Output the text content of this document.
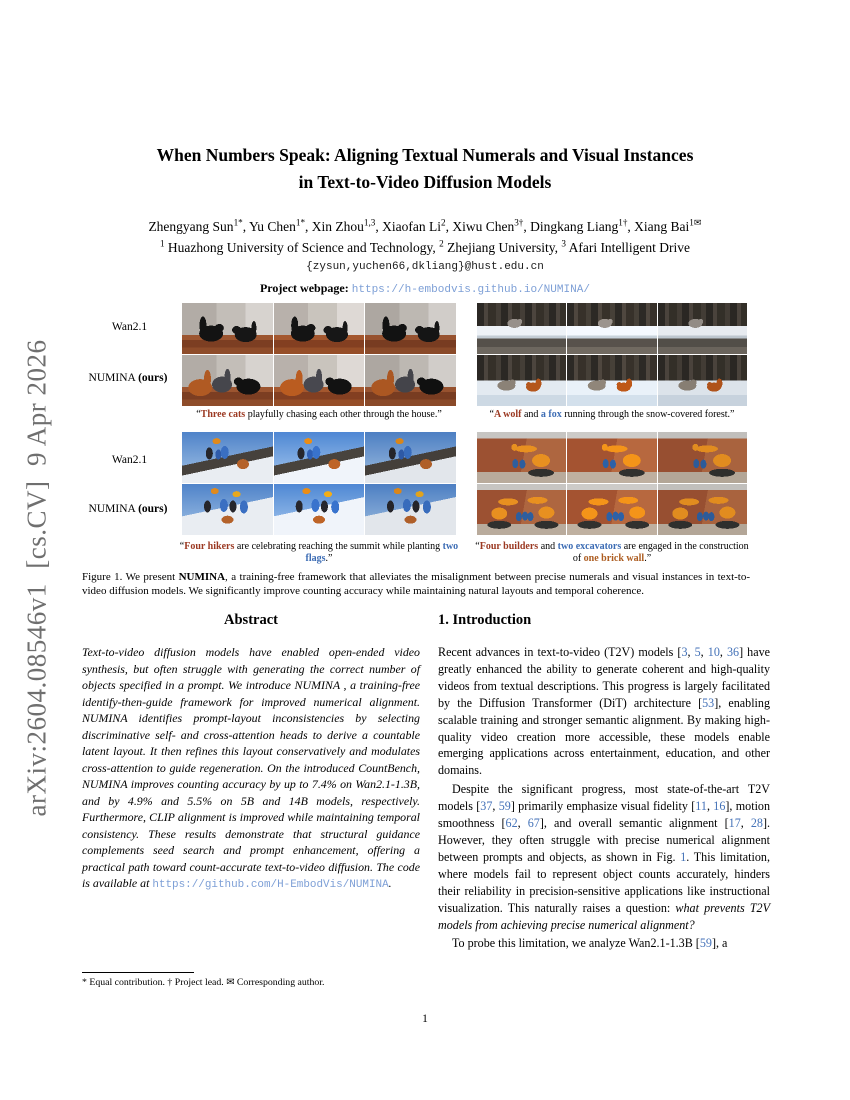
arXiv:2604.08546v1  [cs.CV]  9 Apr 2026
When Numbers Speak: Aligning Textual Numerals and Visual Instances
in Text-to-Video Diffusion Models
Zhengyang Sun$^{1*}$, Yu Chen$^{1*}$, Xin Zhou$^{1,3}$, Xiaofan Li$^2$, Xiwu Chen$^{3\dagger}$, Dingkang Liang$^{1\dagger}$, Xiang Bai$^{1✉}$
$^1$ Huazhong University of Science and Technology, $^2$ Zhejiang University, $^3$ Afari Intelligent Drive
{zysun,yuchen66,dkliang}@hust.edu.cn
Project webpage: https://h-embodvis.github.io/NUMINA/
Wan2.1
NUMINA (ours)
Wan2.1
NUMINA (ours)
“Three cats playfully chasing each other through the house.”	“A wolf and a fox running through the snow-covered forest.”
“Four hikers are celebrating reaching the summit while planting two flags.”
“Four builders and two excavators are engaged in the construction of one brick wall.”
Figure 1. We present NUMINA, a training-free framework that alleviates the misalignment between precise numerals and visual instances in text-to-video diffusion models. We significantly improve counting accuracy while maintaining natural layouts and temporal coherence.
Abstract

Text-to-video diffusion models have enabled open-ended video synthesis, but often struggle with generating the correct number of objects specified in a prompt. We introduce NUMINA , a training-free identify-then-guide framework for improved numerical alignment. NUMINA identifies prompt-layout inconsistencies by selecting discriminative self- and cross-attention heads to derive a countable latent layout. It then refines this layout conservatively and modulates cross-attention to guide regeneration. On the introduced CountBench, NUMINA improves counting accuracy by up to 7.4% on Wan2.1-1.3B, and by 4.9% and 5.5% on 5B and 14B models, respectively. Furthermore, CLIP alignment is improved while maintaining temporal consistency. These results demonstrate that structural guidance complements seed search and prompt enhancement, offering a practical path toward count-accurate text-to-video diffusion. The code is available at https://github.com/H-EmbodVis/NUMINA.

1. Introduction

Recent advances in text-to-video (T2V) models [3, 5, 10, 36] have greatly enhanced the ability to generate coherent and high-quality videos from textual descriptions. This progress is largely facilitated by the Diffusion Transformer (DiT) architecture [53], enabling scalable training and stronger semantic alignment. By making high-quality video creation more accessible, these models enable emerging applications across entertainment, education, and other domains.

Despite the significant progress, most state-of-the-art T2V models [37, 59] primarily emphasize visual fidelity [11, 16], motion smoothness [62, 67], and overall semantic alignment [17, 28]. However, they often struggle with precise numerical alignment between prompts and objects, as shown in Fig. 1. This limitation, where models fail to represent object counts accurately, hinders their reliability in precision-sensitive applications like instructional visualization. This naturally raises a question: what prevents T2V models from achieving precise numerical alignment?

To probe this limitation, we analyze Wan2.1-1.3B [59], a

* Equal contribution. † Project lead. ✉ Corresponding author.
1
